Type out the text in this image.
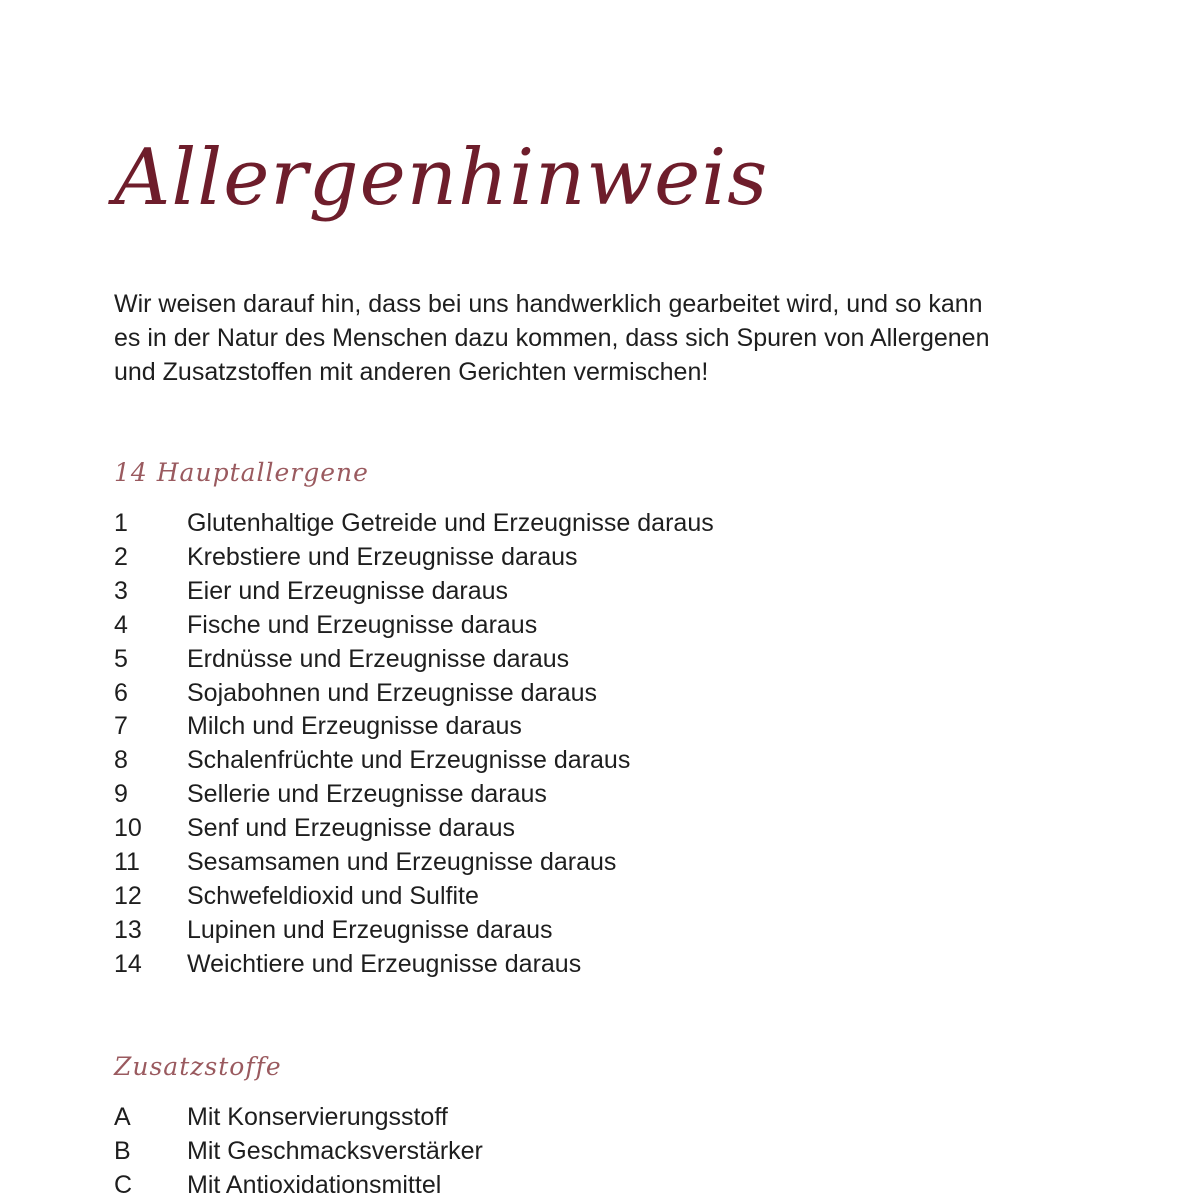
Allergenhinweis

Wir weisen darauf hin, dass bei uns handwerklich gearbeitet wird, und so kann
es in der Natur des Menschen dazu kommen, dass sich Spuren von Allergenen
und Zusatzstoffen mit anderen Gerichten vermischen!

14 Hauptallergene
1	Glutenhaltige Getreide und Erzeugnisse daraus
2	Krebstiere und Erzeugnisse daraus
3	Eier und Erzeugnisse daraus
4	Fische und Erzeugnisse daraus
5	Erdnüsse und Erzeugnisse daraus
6	Sojabohnen und Erzeugnisse daraus
7	Milch und Erzeugnisse daraus
8	Schalenfrüchte und Erzeugnisse daraus
9	Sellerie und Erzeugnisse daraus
10	Senf und Erzeugnisse daraus
11	Sesamsamen und Erzeugnisse daraus
12	Schwefeldioxid und Sulfite
13	Lupinen und Erzeugnisse daraus
14	Weichtiere und Erzeugnisse daraus
Zusatzstoffe
A	Mit Konservierungsstoff
B	Mit Geschmacksverstärker
C	Mit Antioxidationsmittel
